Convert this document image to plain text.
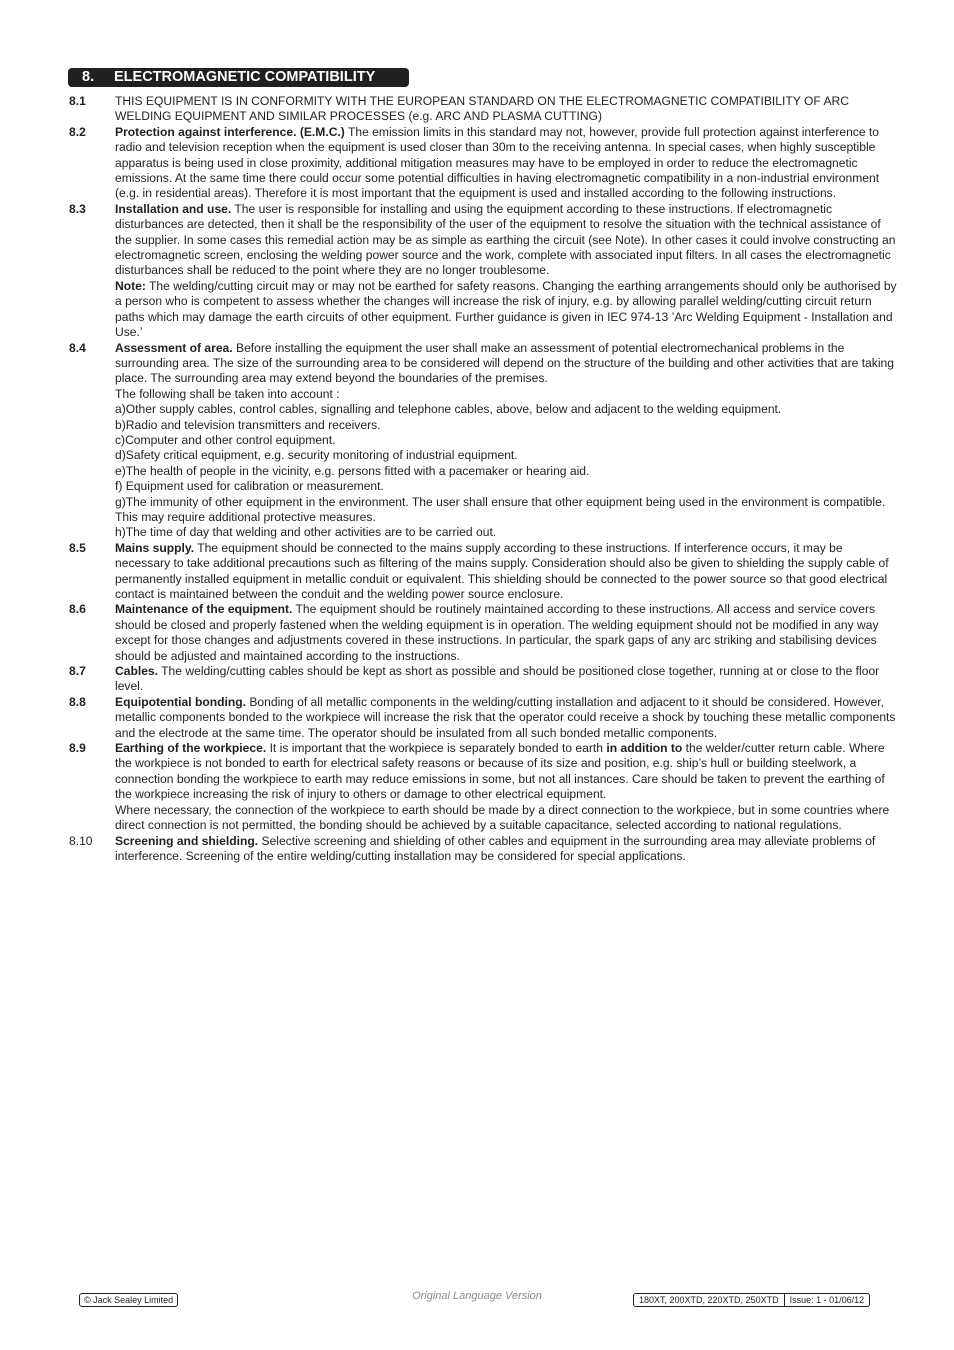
8. ELECTROMAGNETIC COMPATIBILITY
8.1	THIS EQUIPMENT IS IN CONFORMITY WITH THE EUROPEAN STANDARD ON THE ELECTROMAGNETIC COMPATIBILITY OF ARC WELDING EQUIPMENT AND SIMILAR PROCESSES (e.g. ARC AND PLASMA CUTTING)

8.2	Protection against interference. (E.M.C.) The emission limits in this standard may not, however, provide full protection against interference to radio and television reception when the equipment is used closer than 30m to the receiving antenna. In special cases, when highly susceptible apparatus is being used in close proximity, additional mitigation measures may have to be employed in order to reduce the electromagnetic emissions. At the same time there could occur some potential difficulties in having electromagnetic compatibility in a non-industrial environment (e.g. in residential areas). Therefore it is most important that the equipment is used and installed according to the following instructions.

8.3	Installation and use. The user is responsible for installing and using the equipment according to these instructions. If electromagnetic disturbances are detected, then it shall be the responsibility of the user of the equipment to resolve the situation with the technical assistance of the supplier. In some cases this remedial action may be as simple as earthing the circuit (see Note). In other cases it could involve constructing an electromagnetic screen, enclosing the welding power source and the work, complete with associated input filters. In all cases the electromagnetic disturbances shall be reduced to the point where they are no longer troublesome.

Note: The welding/cutting circuit may or may not be earthed for safety reasons. Changing the earthing arrangements should only be authorised by a person who is competent to assess whether the changes will increase the risk of injury, e.g. by allowing parallel welding/cutting circuit return paths which may damage the earth circuits of other equipment. Further guidance is given in IEC 974-13 ’Arc Welding Equipment - Installation and Use.’

8.4	Assessment of area. Before installing the equipment the user shall make an assessment of potential electromechanical problems in the surrounding area. The size of the surrounding area to be considered will depend on the structure of the building and other activities that are taking place. The surrounding area may extend beyond the boundaries of the premises.

The following shall be taken into account :

a)Other supply cables, control cables, signalling and telephone cables, above, below and adjacent to the welding equipment.

b)Radio and television transmitters and receivers.

c)Computer and other control equipment.

d)Safety critical equipment, e.g. security monitoring of industrial equipment.

e)The health of people in the vicinity, e.g. persons fitted with a pacemaker or hearing aid.

f) Equipment used for calibration or measurement.

g)The immunity of other equipment in the environment. The user shall ensure that other equipment being used in the environment is compatible. This may require additional protective measures.

h)The time of day that welding and other activities are to be carried out.

8.5	Mains supply. The equipment should be connected to the mains supply according to these instructions. If interference occurs, it may be necessary to take additional precautions such as filtering of the mains supply. Consideration should also be given to shielding the supply cable of permanently installed equipment in metallic conduit or equivalent. This shielding should be connected to the power source so that good electrical contact is maintained between the conduit and the welding power source enclosure.

8.6	Maintenance of the equipment. The equipment should be routinely maintained according to these instructions. All access and service covers should be closed and properly fastened when the welding equipment is in operation. The welding equipment should not be modified in any way except for those changes and adjustments covered in these instructions. In particular, the spark gaps of any arc striking and stabilising devices should be adjusted and maintained according to the instructions.

8.7	Cables. The welding/cutting cables should be kept as short as possible and should be positioned close together, running at or close to the floor level.

8.8	Equipotential bonding. Bonding of all metallic components in the welding/cutting installation and adjacent to it should be considered. However, metallic components bonded to the workpiece will increase the risk that the operator could receive a shock by touching these metallic components and the electrode at the same time. The operator should be insulated from all such bonded metallic components.

8.9	Earthing of the workpiece. It is important that the workpiece is separately bonded to earth in addition to the welder/cutter return cable. Where the workpiece is not bonded to earth for electrical safety reasons or because of its size and position, e.g. ship’s hull or building steelwork, a connection bonding the workpiece to earth may reduce emissions in some, but not all instances. Care should be taken to prevent the earthing of the workpiece increasing the risk of injury to others or damage to other electrical equipment.

Where necessary, the connection of the workpiece to earth should be made by a direct connection to the workpiece, but in some countries where direct connection is not permitted, the bonding should be achieved by a suitable capacitance, selected according to national regulations.

8.10	Screening and shielding. Selective screening and shielding of other cables and equipment in the surrounding area may alleviate problems of interference. Screening of the entire welding/cutting installation may be considered for special applications.

© Jack Sealey Limited	Original Language Version	180XT, 200XTD, 220XTD, 250XTD	Issue: 1 - 01/06/12
